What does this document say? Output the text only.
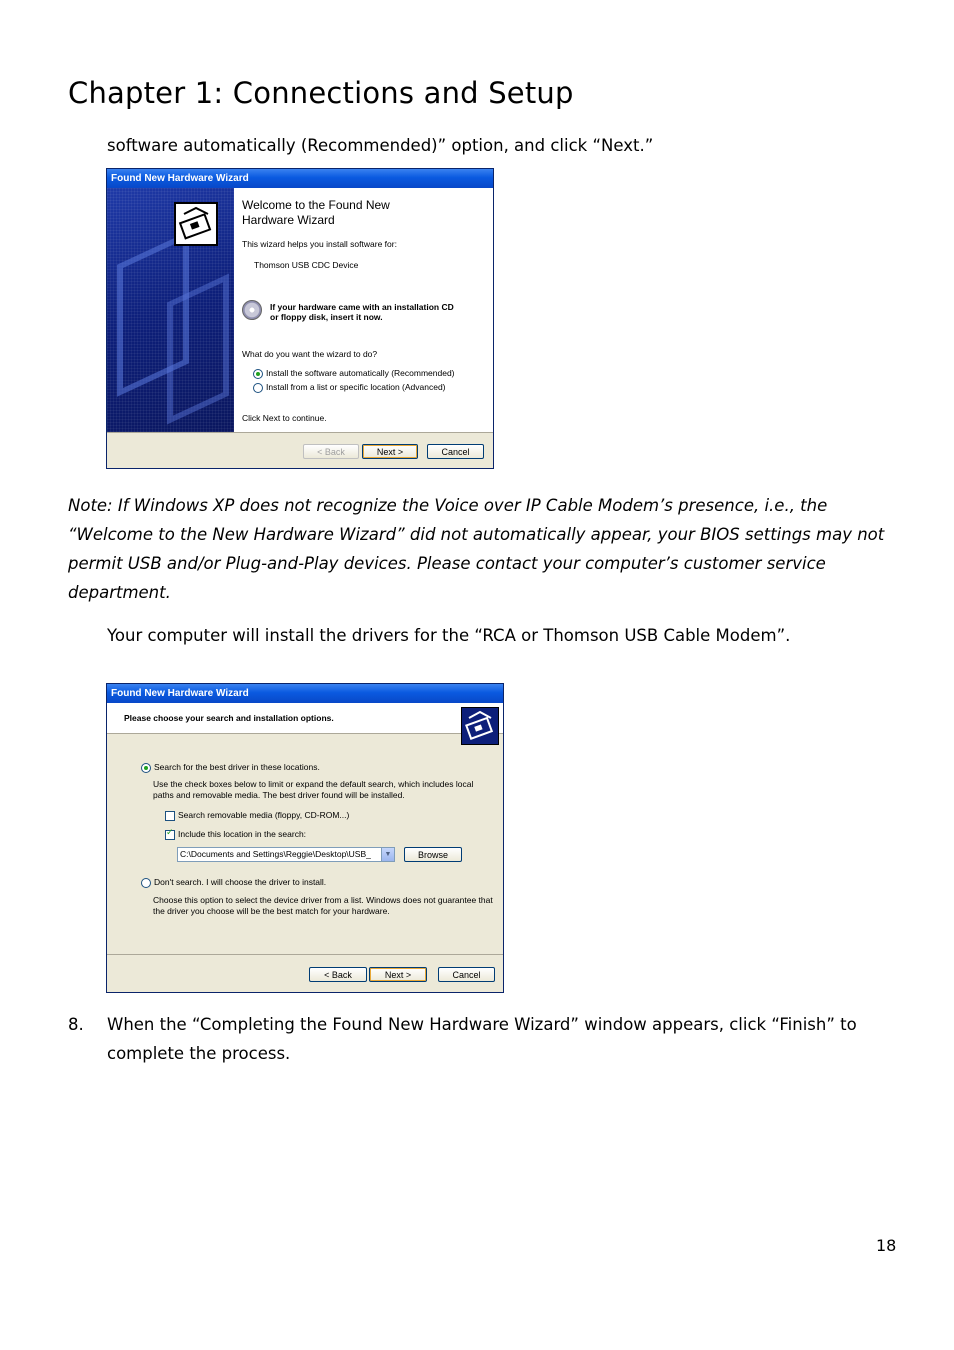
Chapter 1: Connections and Setup

software automatically (Recommended)” option, and click “Next.”

Found New Hardware Wizard
Welcome to the Found New
Hardware Wizard
This wizard helps you install software for:
Thomson USB CDC Device
If your hardware came with an installation CD
or floppy disk, insert it now.
What do you want the wizard to do?
Install the software automatically (Recommended)
Install from a list or specific location (Advanced)
Click Next to continue.
< Back	Next >	Cancel

Note: If Windows XP does not recognize the Voice over IP Cable Modem’s presence, i.e., the “Welcome to the New Hardware Wizard” did not automatically appear, your BIOS settings may not permit USB and/or Plug-and-Play devices. Please contact your computer’s customer service department.

Your computer will install the drivers for the “RCA or Thomson USB Cable Modem”.

Found New Hardware Wizard
Please choose your search and installation options.
Search for the best driver in these locations.
Use the check boxes below to limit or expand the default search, which includes local
paths and removable media. The best driver found will be installed.
Search removable media (floppy, CD-ROM...)
✓Include this location in the search:
C:\Documents and Settings\Reggie\Desktop\USB_	▼	Browse
Don't search. I will choose the driver to install.
Choose this option to select the device driver from a list. Windows does not guarantee that
the driver you choose will be the best match for your hardware.
< Back	Next >	Cancel
8. When the “Completing the Found New Hardware Wizard” window appears, click “Finish” to complete the process.
18
